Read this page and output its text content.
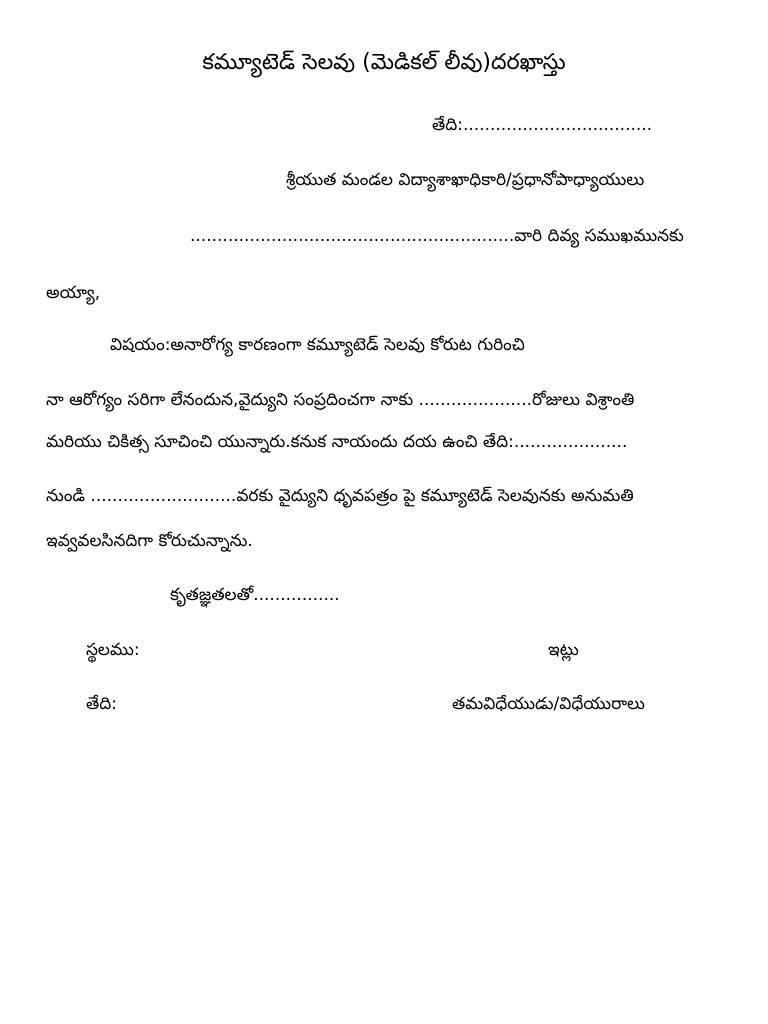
కమ్యూటెడ్ సెలవు (మెడికల్ లీవు)దరఖాస్తు
తేది:...................................
శ్రీయుత మండల విద్యాశాఖాధికారి/ప్రధానోపాధ్యాయులు
............................................................వారి దివ్య సముఖమునకు
అయ్యా,
విషయం:అనారోగ్య కారణంగా కమ్యూటెడ్ సెలవు కోరుట గురించి
నా ఆరోగ్యం సరిగా లేనందున,వైద్యుని సంప్రదించగా నాకు .....................రోజులు విశ్రాంతి
మరియు చికిత్స సూచించి యున్నారు.కనుక నాయందు దయ ఉంచి తేది:.....................
నుండి ...........................వరకు వైద్యుని ధృవపత్రం పై కమ్యూటెడ్ సెలవునకు అనుమతి
ఇవ్వవలసినదిగా కోరుచున్నాను.
కృతజ్ఞతలతో................
స్థలము:	ఇట్లు
తేది:	తమవిధేయుడు/విధేయురాలు
